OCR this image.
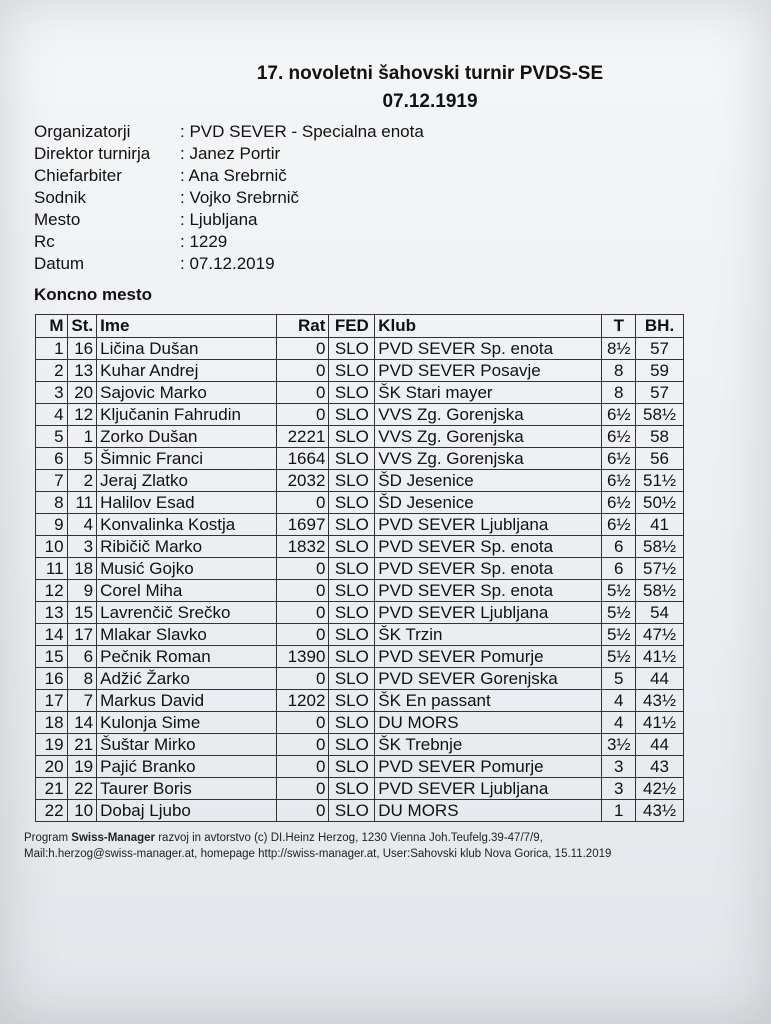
17. novoletni šahovski turnir PVDS-SE
07.12.1919
Organizatorji	: PVD SEVER - Specialna enota
Direktor turnirja	: Janez Portir
Chiefarbiter	: Ana Srebrnič
Sodnik	: Vojko Srebrnič
Mesto	: Ljubljana
Rc	: 1229
Datum	: 07.12.2019
Koncno mesto
M	St.	Ime	Rat	FED	Klub	T	BH.
1	16	Ličina Dušan	0	SLO	PVD SEVER Sp. enota	8½	57
2	13	Kuhar Andrej	0	SLO	PVD SEVER Posavje	8	59
3	20	Sajovic Marko	0	SLO	ŠK Stari mayer	8	57
4	12	Ključanin Fahrudin	0	SLO	VVS Zg. Gorenjska	6½	58½
5	1	Zorko Dušan	2221	SLO	VVS Zg. Gorenjska	6½	58
6	5	Šimnic Franci	1664	SLO	VVS Zg. Gorenjska	6½	56
7	2	Jeraj Zlatko	2032	SLO	ŠD Jesenice	6½	51½
8	11	Halilov Esad	0	SLO	ŠD Jesenice	6½	50½
9	4	Konvalinka Kostja	1697	SLO	PVD SEVER Ljubljana	6½	41
10	3	Ribičič Marko	1832	SLO	PVD SEVER Sp. enota	6	58½
11	18	Musić Gojko	0	SLO	PVD SEVER Sp. enota	6	57½
12	9	Corel Miha	0	SLO	PVD SEVER Sp. enota	5½	58½
13	15	Lavrenčič Srečko	0	SLO	PVD SEVER Ljubljana	5½	54
14	17	Mlakar Slavko	0	SLO	ŠK Trzin	5½	47½
15	6	Pečnik Roman	1390	SLO	PVD SEVER Pomurje	5½	41½
16	8	Adžić Žarko	0	SLO	PVD SEVER Gorenjska	5	44
17	7	Markus David	1202	SLO	ŠK En passant	4	43½
18	14	Kulonja Sime	0	SLO	DU MORS	4	41½
19	21	Šuštar Mirko	0	SLO	ŠK Trebnje	3½	44
20	19	Pajić Branko	0	SLO	PVD SEVER Pomurje	3	43
21	22	Taurer Boris	0	SLO	PVD SEVER Ljubljana	3	42½
22	10	Dobaj Ljubo	0	SLO	DU MORS	1	43½
Program Swiss-Manager razvoj in avtorstvo (c) DI.Heinz Herzog, 1230 Vienna Joh.Teufelg.39-47/7/9,
Mail:h.herzog@swiss-manager.at, homepage http://swiss-manager.at, User:Sahovski klub Nova Gorica, 15.11.2019
